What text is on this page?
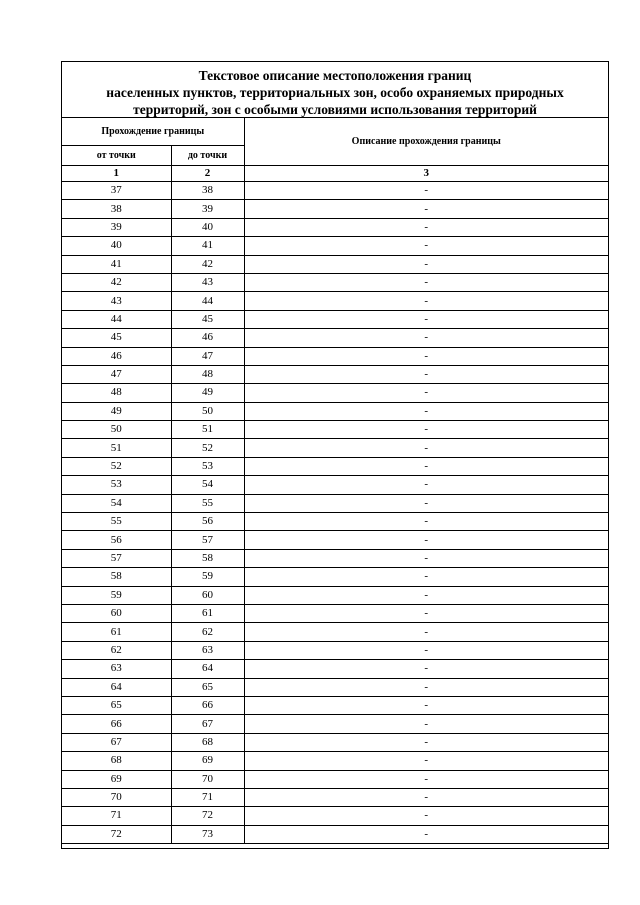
Текстовое описание местоположения границ
населенных пунктов, территориальных зон, особо охраняемых природных
территорий, зон с особыми условиями использования территорий
Прохождение границы		Описание прохождения границы
от точки	до точки	
1	2	3
37	38	-
38	39	-
39	40	-
40	41	-
41	42	-
42	43	-
43	44	-
44	45	-
45	46	-
46	47	-
47	48	-
48	49	-
49	50	-
50	51	-
51	52	-
52	53	-
53	54	-
54	55	-
55	56	-
56	57	-
57	58	-
58	59	-
59	60	-
60	61	-
61	62	-
62	63	-
63	64	-
64	65	-
65	66	-
66	67	-
67	68	-
68	69	-
69	70	-
70	71	-
71	72	-
72	73	-
